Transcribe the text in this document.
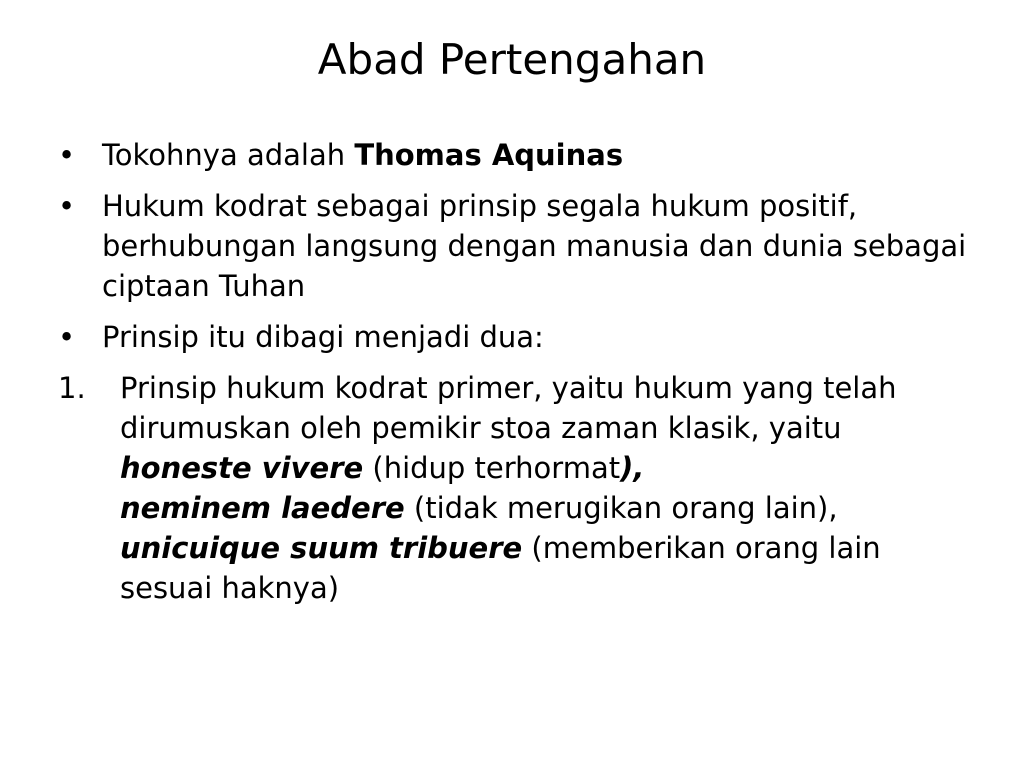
Abad Pertengahan
• Tokohnya adalah Thomas Aquinas
• Hukum kodrat sebagai prinsip segala hukum positif, berhubungan langsung dengan manusia dan dunia sebagai ciptaan Tuhan
• Prinsip itu dibagi menjadi dua:
1.	Prinsip hukum kodrat primer, yaitu hukum yang telah dirumuskan oleh pemikir stoa zaman klasik, yaitu honeste vivere (hidup terhormat),
neminem laedere (tidak merugikan orang lain), unicuique suum tribuere (memberikan orang lain sesuai haknya)
